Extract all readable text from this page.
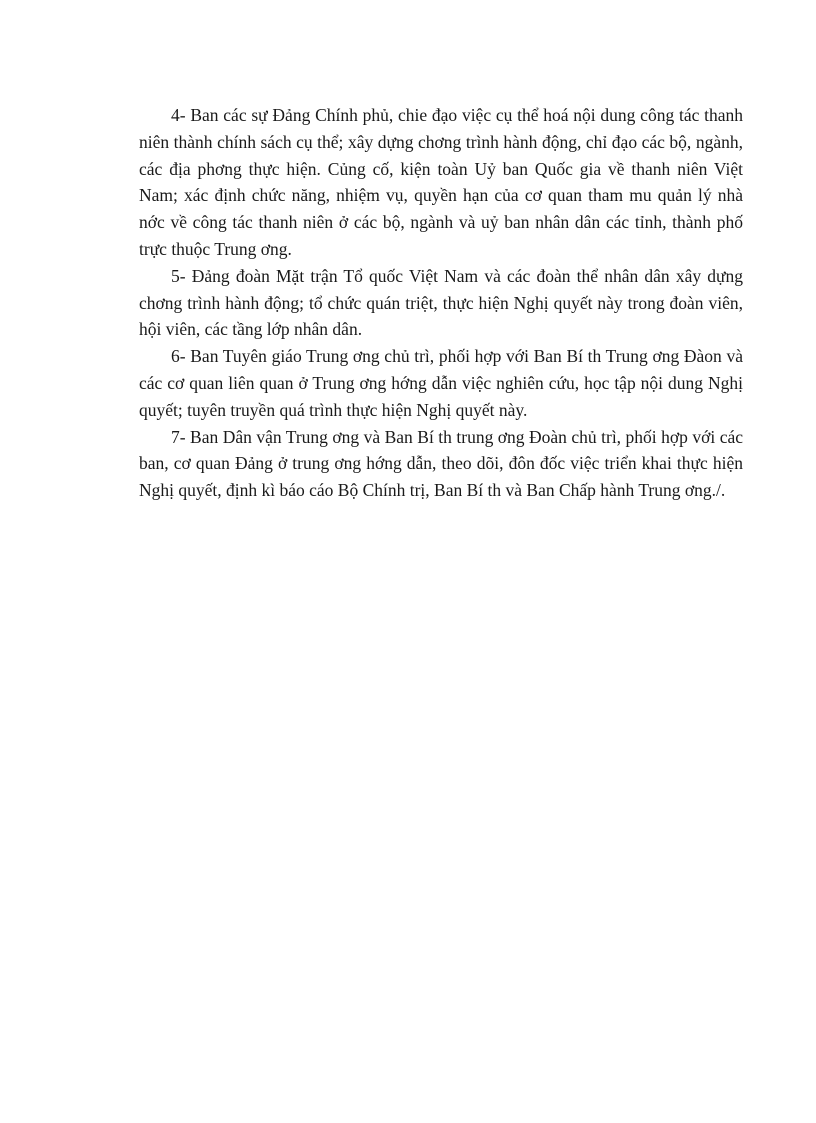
4- Ban các sự Đảng Chính phủ, chie đạo việc cụ thể hoá nội dung công tác thanh niên thành chính sách cụ thể; xây dựng chơng trình hành động, chỉ đạo các bộ, ngành, các địa phơng thực hiện. Củng cố, kiện toàn Uỷ ban Quốc gia về thanh niên Việt Nam; xác định chức năng, nhiệm vụ, quyền hạn của cơ quan tham mu quản lý nhà nớc về công tác thanh niên ở các bộ, ngành và uỷ ban nhân dân các tỉnh, thành phố trực thuộc Trung ơng.

5- Đảng đoàn Mặt trận Tổ quốc Việt Nam và các đoàn thể nhân dân xây dựng chơng trình hành động; tổ chức quán triệt, thực hiện Nghị quyết này trong đoàn viên, hội viên, các tầng lớp nhân dân.

6- Ban Tuyên giáo Trung ơng chủ trì, phối hợp với Ban Bí th Trung ơng Đàon và các cơ quan liên quan ở Trung ơng hớng dẫn việc nghiên cứu, học tập nội dung Nghị quyết; tuyên truyền quá trình thực hiện Nghị quyết này.

7- Ban Dân vận Trung ơng và Ban Bí th trung ơng Đoàn chủ trì, phối hợp với các ban, cơ quan Đảng ở trung ơng hớng dẫn, theo dõi, đôn đốc việc triển khai thực hiện Nghị quyết, định kì báo cáo Bộ Chính trị, Ban Bí th và Ban Chấp hành Trung ơng./.
